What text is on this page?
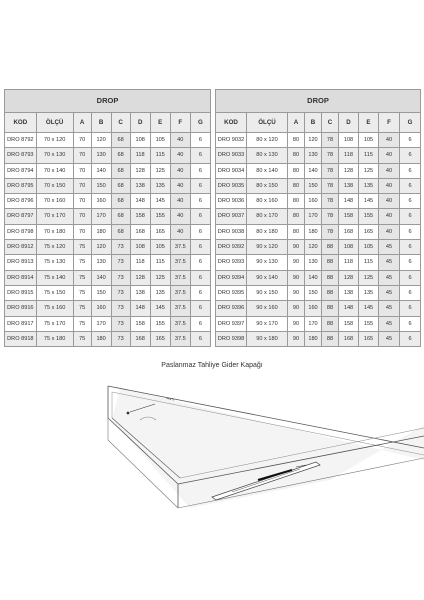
DROP								
KOD	ÖLÇÜ	A	B	C	D	E	F	G
DRO 8792	70 x 120	70	120	68	108	105	40	6
DRO 8793	70 x 130	70	130	68	118	115	40	6
DRO 8794	70 x 140	70	140	68	128	125	40	6
DRO 8795	70 x 150	70	150	68	138	135	40	6
DRO 8796	70 x 160	70	160	68	148	145	40	6
DRO 8797	70 x 170	70	170	68	158	155	40	6
DRO 8798	70 x 180	70	180	68	168	165	40	6
DRO 8912	75 x 120	75	120	73	108	105	37.5	6
DRO 8913	75 x 130	75	130	73	118	115	37.5	6
DRO 8914	75 x 140	75	140	73	128	125	37.5	6
DRO 8915	75 x 150	75	150	73	138	135	37.5	6
DRO 8916	75 x 160	75	160	73	148	145	37.5	6
DRO 8917	75 x 170	75	170	73	158	155	37.5	6
DRO 8918	75 x 180	75	180	73	168	165	37.5	6
DROP								
KOD	ÖLÇÜ	A	B	C	D	E	F	G
DRO 9032	80 x 120	80	120	78	108	105	40	6
DRO 9033	80 x 130	80	130	78	118	115	40	6
DRO 9034	80 x 140	80	140	78	128	125	40	6
DRO 9035	80 x 150	80	150	78	138	135	40	6
DRO 9036	80 x 160	80	160	78	148	145	40	6
DRO 9037	80 x 170	80	170	78	158	155	40	6
DRO 9038	80 x 180	80	180	78	168	165	40	6
DRO 9392	90 x 120	90	120	88	108	105	45	6
DRO 9393	90 x 130	90	130	88	118	115	45	6
DRO 9394	90 x 140	90	140	88	128	125	45	6
DRO 9395	90 x 150	90	150	88	138	135	45	6
DRO 9396	90 x 160	90	160	88	148	145	45	6
DRO 9397	90 x 170	90	170	88	158	155	45	6
DRO 9398	90 x 180	90	180	88	168	165	45	6
Paslanmaz Tahliye Gider Kapağı
